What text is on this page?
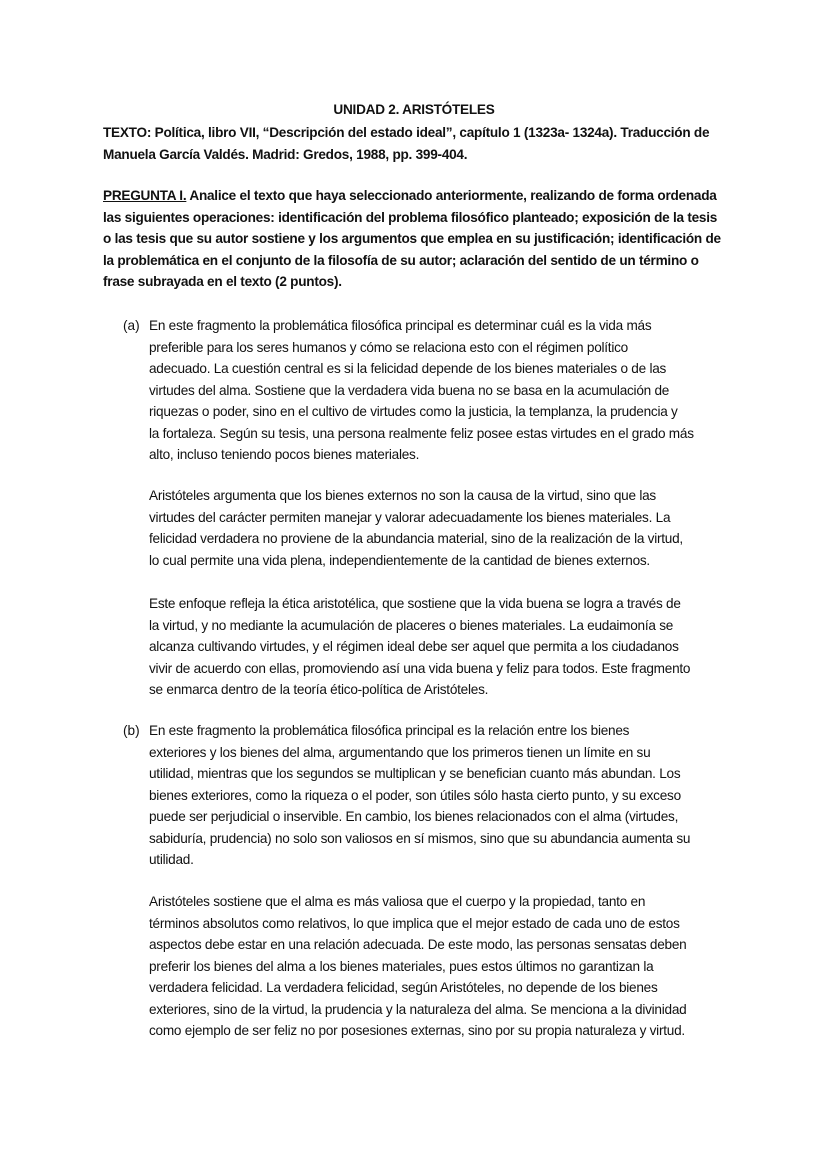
UNIDAD 2. ARISTÓTELES
TEXTO: Política, libro VII, “Descripción del estado ideal”, capítulo 1 (1323a- 1324a). Traducción de
Manuela García Valdés. Madrid: Gredos, 1988, pp. 399-404.
PREGUNTA I. Analice el texto que haya seleccionado anteriormente, realizando de forma ordenada
las siguientes operaciones: identificación del problema filosófico planteado; exposición de la tesis
o las tesis que su autor sostiene y los argumentos que emplea en su justificación; identificación de
la problemática en el conjunto de la filosofía de su autor; aclaración del sentido de un término o
frase subrayada en el texto (2 puntos).
(a) En este fragmento la problemática filosófica principal es determinar cuál es la vida más
preferible para los seres humanos y cómo se relaciona esto con el régimen político
adecuado. La cuestión central es si la felicidad depende de los bienes materiales o de las
virtudes del alma. Sostiene que la verdadera vida buena no se basa en la acumulación de
riquezas o poder, sino en el cultivo de virtudes como la justicia, la templanza, la prudencia y
la fortaleza. Según su tesis, una persona realmente feliz posee estas virtudes en el grado más
alto, incluso teniendo pocos bienes materiales.
Aristóteles argumenta que los bienes externos no son la causa de la virtud, sino que las
virtudes del carácter permiten manejar y valorar adecuadamente los bienes materiales. La
felicidad verdadera no proviene de la abundancia material, sino de la realización de la virtud,
lo cual permite una vida plena, independientemente de la cantidad de bienes externos.
Este enfoque refleja la ética aristotélica, que sostiene que la vida buena se logra a través de
la virtud, y no mediante la acumulación de placeres o bienes materiales. La eudaimonía se
alcanza cultivando virtudes, y el régimen ideal debe ser aquel que permita a los ciudadanos
vivir de acuerdo con ellas, promoviendo así una vida buena y feliz para todos. Este fragmento
se enmarca dentro de la teoría ético-política de Aristóteles.
(b) En este fragmento la problemática filosófica principal es la relación entre los bienes
exteriores y los bienes del alma, argumentando que los primeros tienen un límite en su
utilidad, mientras que los segundos se multiplican y se benefician cuanto más abundan. Los
bienes exteriores, como la riqueza o el poder, son útiles sólo hasta cierto punto, y su exceso
puede ser perjudicial o inservible. En cambio, los bienes relacionados con el alma (virtudes,
sabiduría, prudencia) no solo son valiosos en sí mismos, sino que su abundancia aumenta su
utilidad.
Aristóteles sostiene que el alma es más valiosa que el cuerpo y la propiedad, tanto en
términos absolutos como relativos, lo que implica que el mejor estado de cada uno de estos
aspectos debe estar en una relación adecuada. De este modo, las personas sensatas deben
preferir los bienes del alma a los bienes materiales, pues estos últimos no garantizan la
verdadera felicidad. La verdadera felicidad, según Aristóteles, no depende de los bienes
exteriores, sino de la virtud, la prudencia y la naturaleza del alma. Se menciona a la divinidad
como ejemplo de ser feliz no por posesiones externas, sino por su propia naturaleza y virtud.
